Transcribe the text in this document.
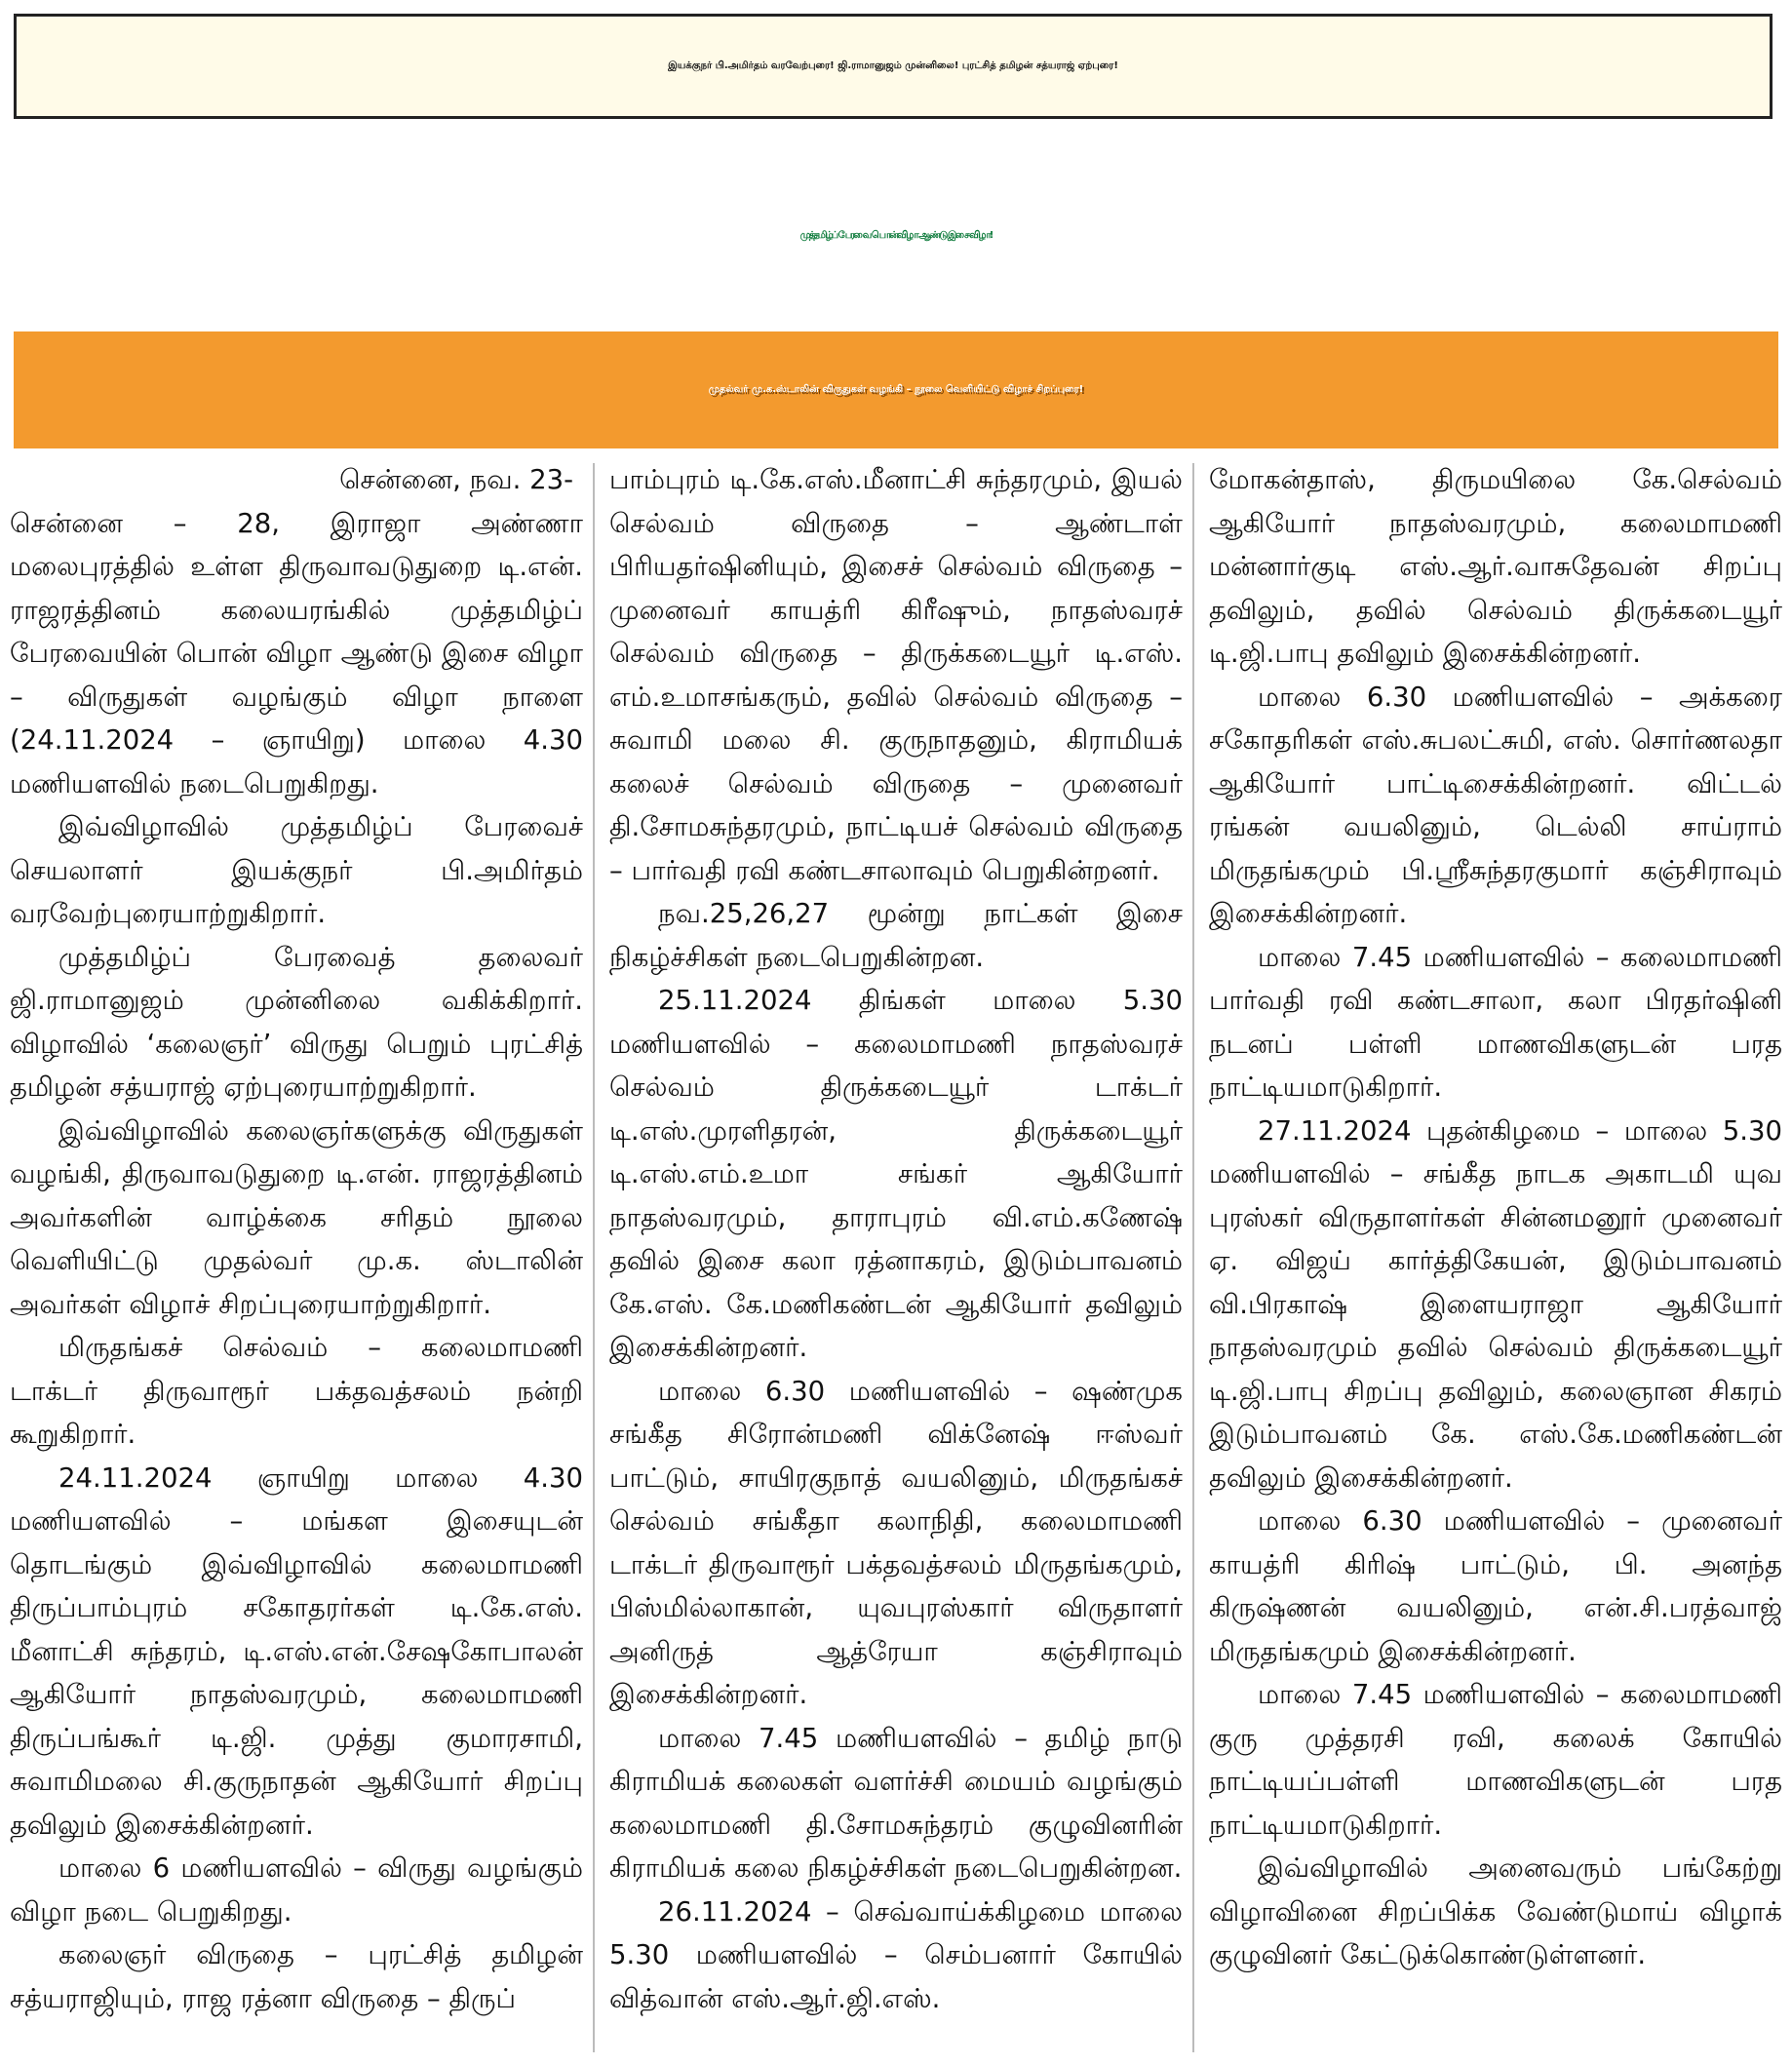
இயக்குநர் பி.அமிர்தம் வரவேற்புரை! ஜி.ராமானுஜம் முன்னிலை! புரட்சித் தமிழன் சத்யராஜ் ஏற்புரை!
முத்தமிழ்ப் பேரவை பொன்விழா ஆண்டு இசை விழா!
முதல்வர் மு.க.ஸ்டாலின் விருதுகள் வழங்கி – நூலை வெளியிட்டு விழாச் சிறப்புரை!

சென்னை, நவ. 23-

சென்னை – 28, இராஜா அண்ணா மலைபுரத்தில் உள்ள திருவாவடுதுறை டி.என். ராஜரத்தினம் கலையரங்கில் முத்தமிழ்ப் பேரவையின் பொன் விழா ஆண்டு இசை விழா – விருதுகள் வழங்கும் விழா நாளை (24.11.2024 – ஞாயிறு) மாலை 4.30 மணியளவில் நடைபெறுகிறது.

இவ்விழாவில் முத்தமிழ்ப் பேரவைச் செயலாளர் இயக்குநர் பி.அமிர்தம் வரவேற்புரையாற்றுகிறார்.

முத்தமிழ்ப் பேரவைத் தலைவர் ஜி.ராமானுஜம் முன்னிலை வகிக்கிறார். விழாவில் ‘கலைஞர்’ விருது பெறும் புரட்சித் தமிழன் சத்யராஜ் ஏற்புரையாற்றுகிறார்.

இவ்விழாவில் கலைஞர்களுக்கு விருதுகள் வழங்கி, திருவாவடுதுறை டி.என். ராஜரத்தினம் அவர்களின் வாழ்க்கை சரிதம் நூலை வெளியிட்டு முதல்வர் மு.க. ஸ்டாலின் அவர்கள் விழாச் சிறப்புரையாற்றுகிறார்.

மிருதங்கச் செல்வம் – கலைமாமணி டாக்டர் திருவாரூர் பக்தவத்சலம் நன்றி கூறுகிறார்.

24.11.2024 ஞாயிறு மாலை 4.30 மணியளவில் – மங்கள இசையுடன் தொடங்கும் இவ்விழாவில் கலைமாமணி திருப்பாம்புரம் சகோதரர்கள் டி.கே.எஸ். மீனாட்சி சுந்தரம், டி.எஸ்.என்.சேஷகோபாலன் ஆகியோர் நாதஸ்வரமும், கலைமாமணி திருப்பங்கூர் டி.ஜி. முத்து குமாரசாமி, சுவாமிமலை சி.குருநாதன் ஆகியோர் சிறப்பு தவிலும் இசைக்கின்றனர்.

மாலை 6 மணியளவில் – விருது வழங்கும் விழா நடை பெறுகிறது.

கலைஞர் விருதை – புரட்சித் தமிழன் சத்யராஜியும், ராஜ ரத்னா விருதை – திருப்

பாம்புரம் டி.கே.எஸ்.மீனாட்சி சுந்தரமும், இயல் செல்வம் விருதை – ஆண்டாள் பிரியதர்ஷினியும், இசைச் செல்வம் விருதை – முனைவர் காயத்ரி கிரீஷும், நாதஸ்வரச் செல்வம் விருதை – திருக்கடையூர் டி.எஸ். எம்.உமாசங்கரும், தவில் செல்வம் விருதை – சுவாமி மலை சி. குருநாதனும், கிராமியக் கலைச் செல்வம் விருதை – முனைவர் தி.சோமசுந்தரமும், நாட்டியச் செல்வம் விருதை – பார்வதி ரவி கண்டசாலாவும் பெறுகின்றனர்.

நவ.25,26,27 மூன்று நாட்கள் இசை நிகழ்ச்சிகள் நடைபெறுகின்றன.

25.11.2024 திங்கள் மாலை 5.30 மணியளவில் – கலைமாமணி நாதஸ்வரச் செல்வம் திருக்கடையூர் டாக்டர் டி.எஸ்.முரளிதரன், திருக்கடையூர் டி.எஸ்.எம்.உமா சங்கர் ஆகியோர் நாதஸ்வரமும், தாராபுரம் வி.எம்.கணேஷ் தவில் இசை கலா ரத்னாகரம், இடும்பாவனம் கே.எஸ். கே.மணிகண்டன் ஆகியோர் தவிலும் இசைக்கின்றனர்.

மாலை 6.30 மணியளவில் – ஷண்முக சங்கீத சிரோன்மணி விக்னேஷ் ஈஸ்வர் பாட்டும், சாயிரகுநாத் வயலினும், மிருதங்கச் செல்வம் சங்கீதா கலாநிதி, கலைமாமணி டாக்டர் திருவாரூர் பக்தவத்சலம் மிருதங்கமும், பிஸ்மில்லாகான், யுவபுரஸ்கார் விருதாளர் அனிருத் ஆத்ரேயா கஞ்சிராவும் இசைக்கின்றனர்.

மாலை 7.45 மணியளவில் – தமிழ் நாடு கிராமியக் கலைகள் வளர்ச்சி மையம் வழங்கும் கலைமாமணி தி.சோமசுந்தரம் குழுவினரின் கிராமியக் கலை நிகழ்ச்சிகள் நடைபெறுகின்றன.

26.11.2024 – செவ்வாய்க்கிழமை மாலை 5.30 மணியளவில் – செம்பனார் கோயில் வித்வான் எஸ்.ஆர்.ஜி.எஸ்.

மோகன்தாஸ், திருமயிலை கே.செல்வம் ஆகியோர் நாதஸ்வரமும், கலைமாமணி மன்னார்குடி எஸ்.ஆர்.வாசுதேவன் சிறப்பு தவிலும், தவில் செல்வம் திருக்கடையூர் டி.ஜி.பாபு தவிலும் இசைக்கின்றனர்.

மாலை 6.30 மணியளவில் – அக்கரை சகோதரிகள் எஸ்.சுபலட்சுமி, எஸ். சொர்ணலதா ஆகியோர் பாட்டிசைக்கின்றனர். விட்டல் ரங்கன் வயலினும், டெல்லி சாய்ராம் மிருதங்கமும் பி.ஸ்ரீசுந்தரகுமார் கஞ்சிராவும் இசைக்கின்றனர்.

மாலை 7.45 மணியளவில் – கலைமாமணி பார்வதி ரவி கண்டசாலா, கலா பிரதர்ஷினி நடனப் பள்ளி மாணவிகளுடன் பரத நாட்டியமாடுகிறார்.

27.11.2024 புதன்கிழமை – மாலை 5.30 மணியளவில் – சங்கீத நாடக அகாடமி யுவ புரஸ்கர் விருதாளர்கள் சின்னமனூர் முனைவர் ஏ. விஜய் கார்த்திகேயன், இடும்பாவனம் வி.பிரகாஷ் இளையராஜா ஆகியோர் நாதஸ்வரமும் தவில் செல்வம் திருக்கடையூர் டி.ஜி.பாபு சிறப்பு தவிலும், கலைஞான சிகரம் இடும்பாவனம் கே. எஸ்.கே.மணிகண்டன் தவிலும் இசைக்கின்றனர்.

மாலை 6.30 மணியளவில் – முனைவர் காயத்ரி கிரிஷ் பாட்டும், பி. அனந்த கிருஷ்ணன் வயலினும், என்.சி.பரத்வாஜ் மிருதங்கமும் இசைக்கின்றனர்.

மாலை 7.45 மணியளவில் – கலைமாமணி குரு முத்தரசி ரவி, கலைக் கோயில் நாட்டியப்பள்ளி மாணவிகளுடன் பரத நாட்டியமாடுகிறார்.

இவ்விழாவில் அனைவரும் பங்கேற்று விழாவினை சிறப்பிக்க வேண்டுமாய் விழாக் குழுவினர் கேட்டுக்கொண்டுள்ளனர்.
